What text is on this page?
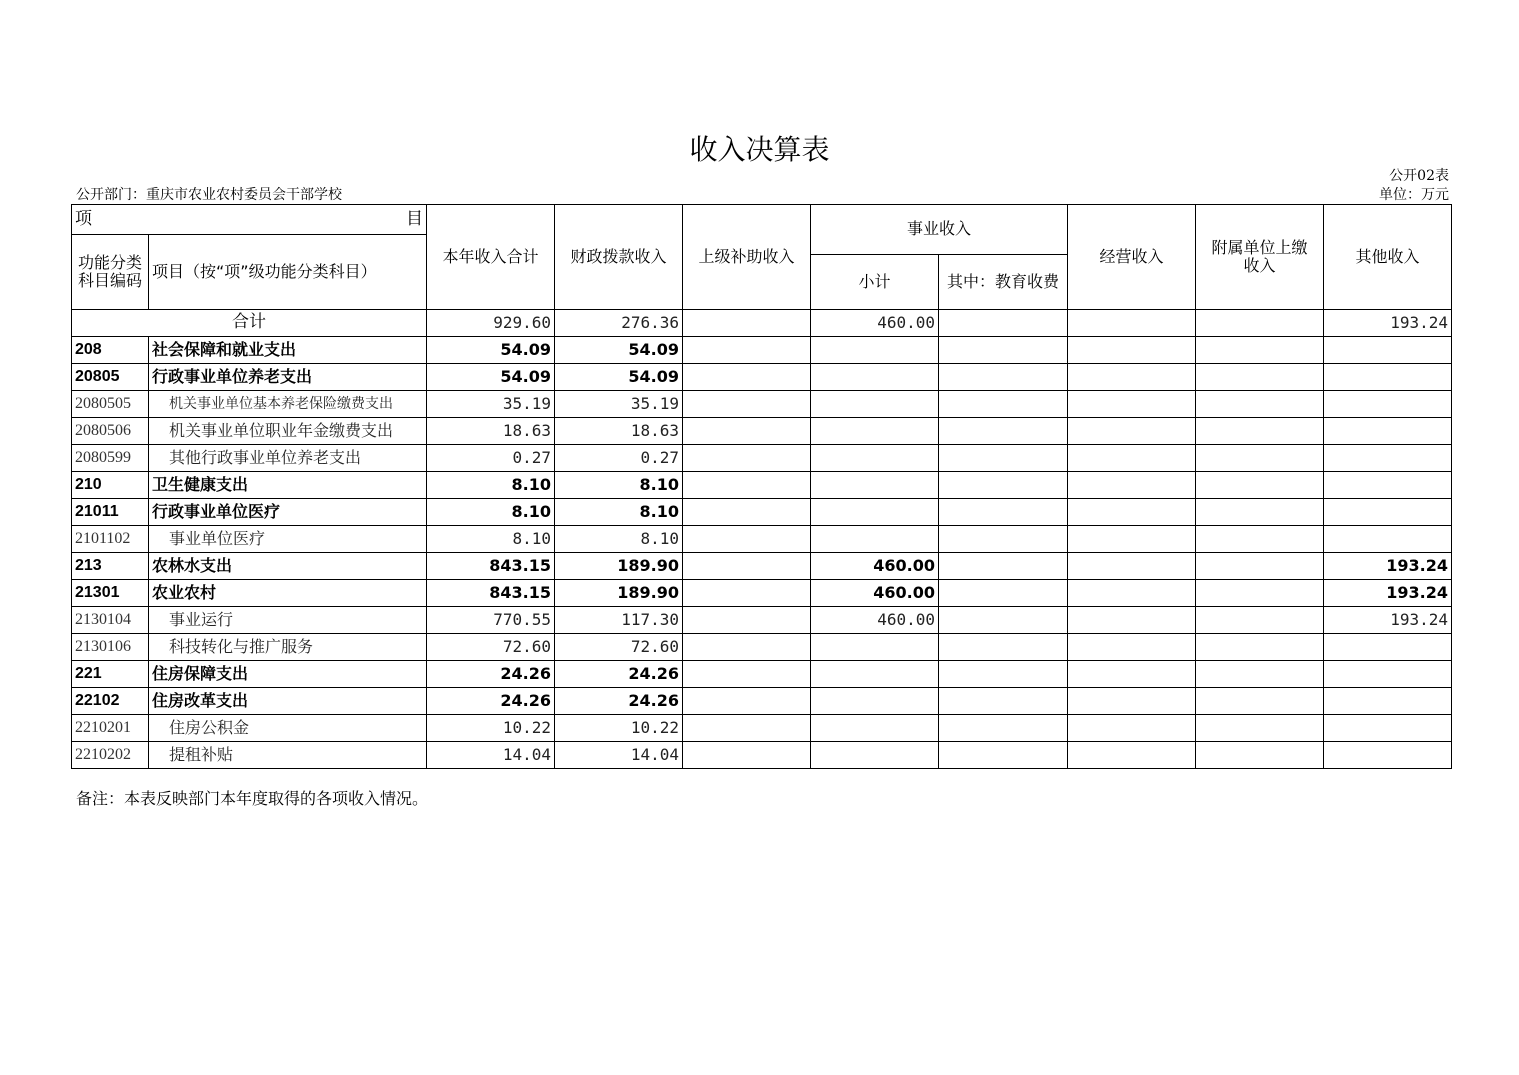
收入决算表
公开02表
公开部门：重庆市农业农村委员会干部学校	单位：万元
项 目		本年收入合计	财政拨款收入	上级补助收入	事业收入		经营收入	附属单位上缴收入	其他收入
功能分类科目编码	项目（按“项”级功能分类科目）								
					小计	其中：教育收费			
合计		929.60	276.36		460.00				193.24
208	社会保障和就业支出	54.09	54.09						
20805	行政事业单位养老支出	54.09	54.09						
2080505	机关事业单位基本养老保险缴费支出	35.19	35.19						
2080506	机关事业单位职业年金缴费支出	18.63	18.63						
2080599	其他行政事业单位养老支出	0.27	0.27						
210	卫生健康支出	8.10	8.10						
21011	行政事业单位医疗	8.10	8.10						
2101102	事业单位医疗	8.10	8.10						
213	农林水支出	843.15	189.90		460.00				193.24
21301	农业农村	843.15	189.90		460.00				193.24
2130104	事业运行	770.55	117.30		460.00				193.24
2130106	科技转化与推广服务	72.60	72.60						
221	住房保障支出	24.26	24.26						
22102	住房改革支出	24.26	24.26						
2210201	住房公积金	10.22	10.22						
2210202	提租补贴	14.04	14.04						
备注：本表反映部门本年度取得的各项收入情况。
